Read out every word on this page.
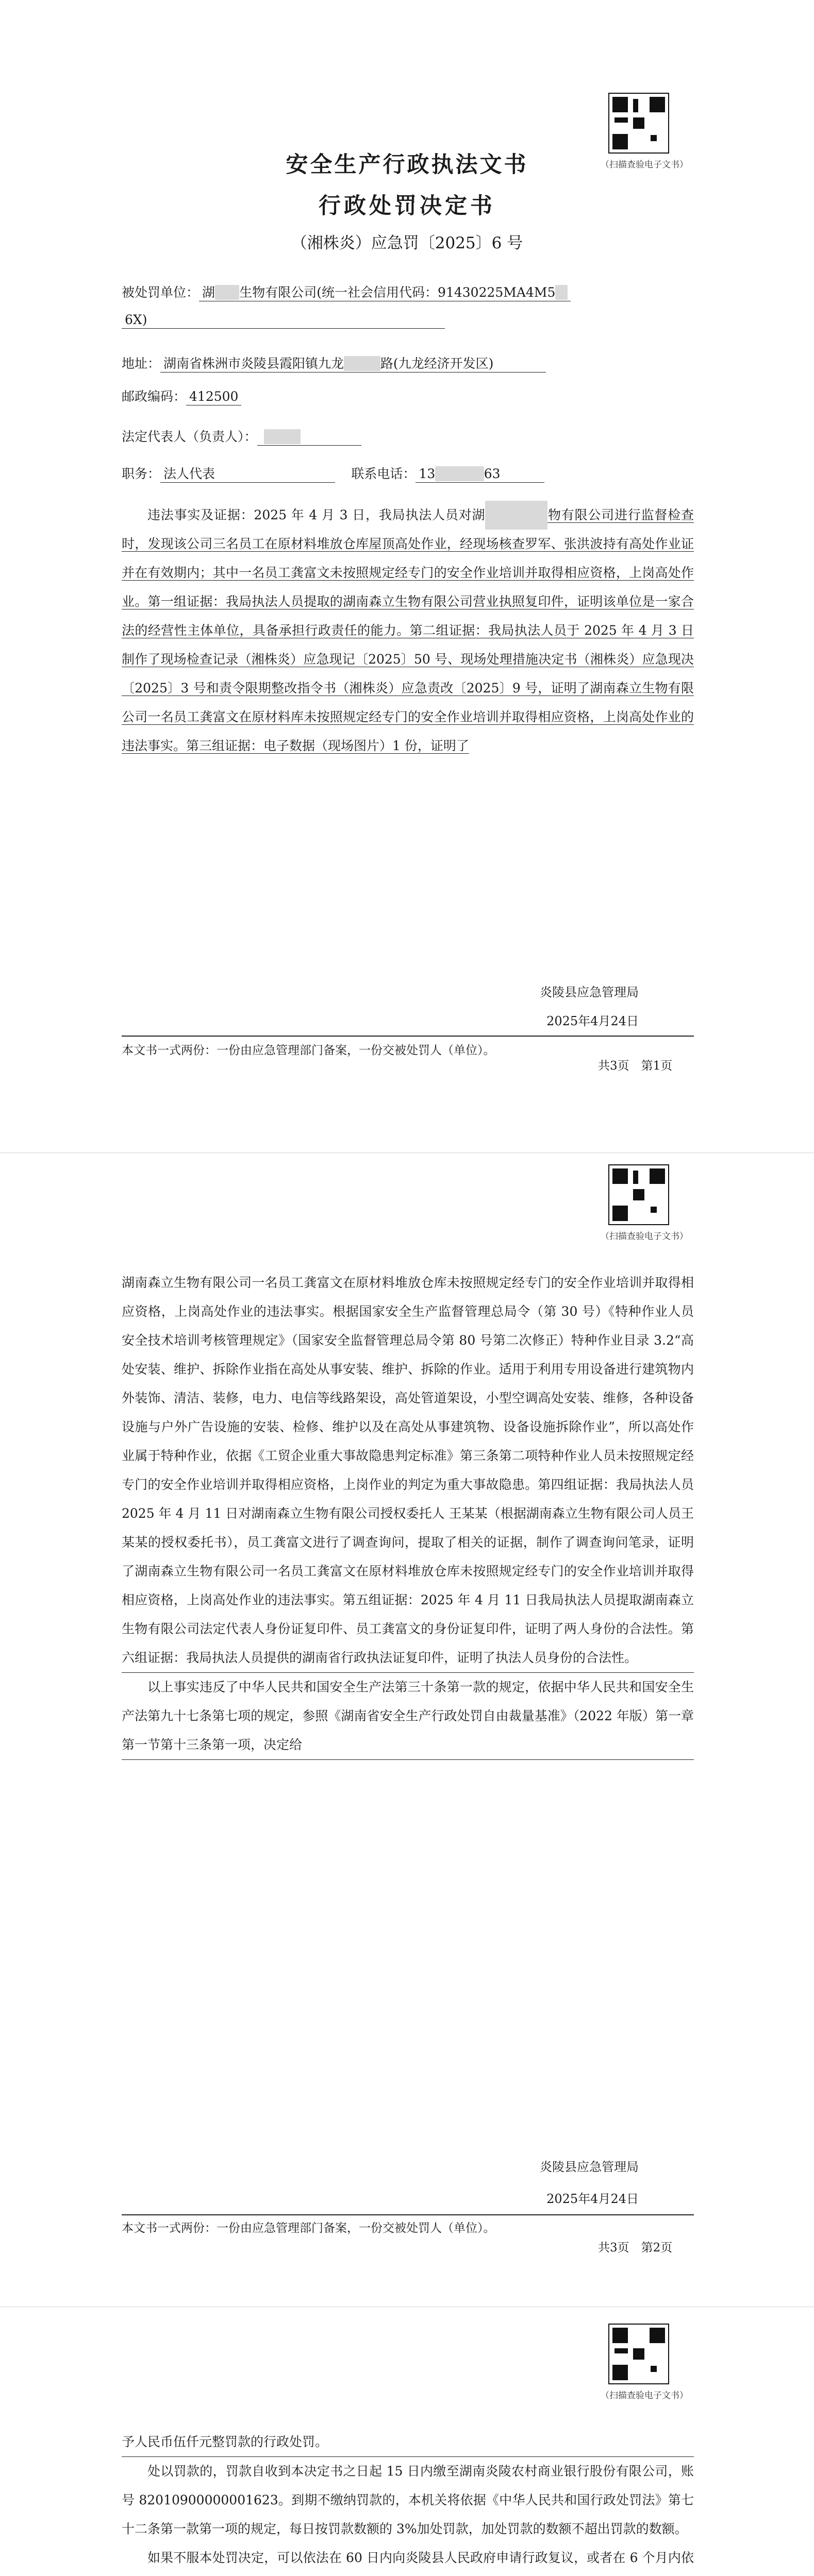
（扫描查验电子文书）
安全生产行政执法文书
行政处罚决定书
（湘株炎）应急罚〔2025〕6 号
被处罚单位： 湖 生物有限公司(统一社会信用代码：91430225MA4M5
6X)
地址： 湖南省株洲市炎陵县霞阳镇九龙	路(九龙经济开发区)
邮政编码： 412500
法定代表人（负责人）：
职务： 法人代表	联系电话： 13	63

违法事实及证据：2025 年 4 月 3 日，我局执法人员对湖	物有限公司进行监督检查时，发现该公司三名员工在原材料堆放仓库屋顶高处作业，经现场核查罗军、张洪波持有高处作业证并在有效期内；其中一名员工龚富文未按照规定经专门的安全作业培训并取得相应资格，上岗高处作业。第一组证据：我局执法人员提取的湖南森立生物有限公司营业执照复印件，证明该单位是一家合法的经营性主体单位，具备承担行政责任的能力。第二组证据：我局执法人员于 2025 年 4 月 3 日制作了现场检查记录（湘株炎）应急现记〔2025〕50 号、现场处理措施决定书（湘株炎）应急现决〔2025〕3 号和责令限期整改指令书（湘株炎）应急责改〔2025〕9 号，证明了湖南森立生物有限公司一名员工龚富文在原材料库未按照规定经专门的安全作业培训并取得相应资格，上岗高处作业的违法事实。第三组证据：电子数据（现场图片）1 份，证明了

炎陵县应急管理局
2025年4月24日
本文书一式两份：一份由应急管理部门备案，一份交被处罚人（单位）。
共3页　第1页
（扫描查验电子文书）

湖南森立生物有限公司一名员工龚富文在原材料堆放仓库未按照规定经专门的安全作业培训并取得相应资格，上岗高处作业的违法事实。根据国家安全生产监督管理总局令（第 30 号）《特种作业人员安全技术培训考核管理规定》（国家安全监督管理总局令第 80 号第二次修正）特种作业目录 3.2“高处安装、维护、拆除作业指在高处从事安装、维护、拆除的作业。适用于利用专用设备进行建筑物内外装饰、清洁、装修，电力、电信等线路架设，高处管道架设，小型空调高处安装、维修，各种设备设施与户外广告设施的安装、检修、维护以及在高处从事建筑物、设备设施拆除作业”，所以高处作业属于特种作业，依据《工贸企业重大事故隐患判定标准》第三条第二项特种作业人员未按照规定经专门的安全作业培训并取得相应资格，上岗作业的判定为重大事故隐患。第四组证据：我局执法人员 2025 年 4 月 11 日对湖南森立生物有限公司授权委托人 王某某（根据湖南森立生物有限公司人员王某某的授权委托书），员工龚富文进行了调查询问，提取了相关的证据，制作了调查询问笔录，证明了湖南森立生物有限公司一名员工龚富文在原材料堆放仓库未按照规定经专门的安全作业培训并取得相应资格，上岗高处作业的违法事实。第五组证据：2025 年 4 月 11 日我局执法人员提取湖南森立生物有限公司法定代表人身份证复印件、员工龚富文的身份证复印件，证明了两人身份的合法性。第六组证据：我局执法人员提供的湖南省行政执法证复印件，证明了执法人员身份的合法性。

以上事实违反了中华人民共和国安全生产法第三十条第一款的规定，依据中华人民共和国安全生产法第九十七条第七项的规定，参照《湖南省安全生产行政处罚自由裁量基准》（2022 年版）第一章第一节第十三条第一项，决定给

炎陵县应急管理局
2025年4月24日
本文书一式两份：一份由应急管理部门备案，一份交被处罚人（单位）。
共3页　第2页
（扫描查验电子文书）

予人民币伍仟元整罚款的行政处罚。

处以罚款的，罚款自收到本决定书之日起 15 日内缴至湖南炎陵农村商业银行股份有限公司，账号 82010900000001623。到期不缴纳罚款的，本机关将依据《中华人民共和国行政处罚法》第七十二条第一款第一项的规定，每日按罚款数额的 3%加处罚款，加处罚款的数额不超出罚款的数额。

如果不服本处罚决定，可以依法在 60 日内向炎陵县人民政府申请行政复议，或者在 6 个月内依
